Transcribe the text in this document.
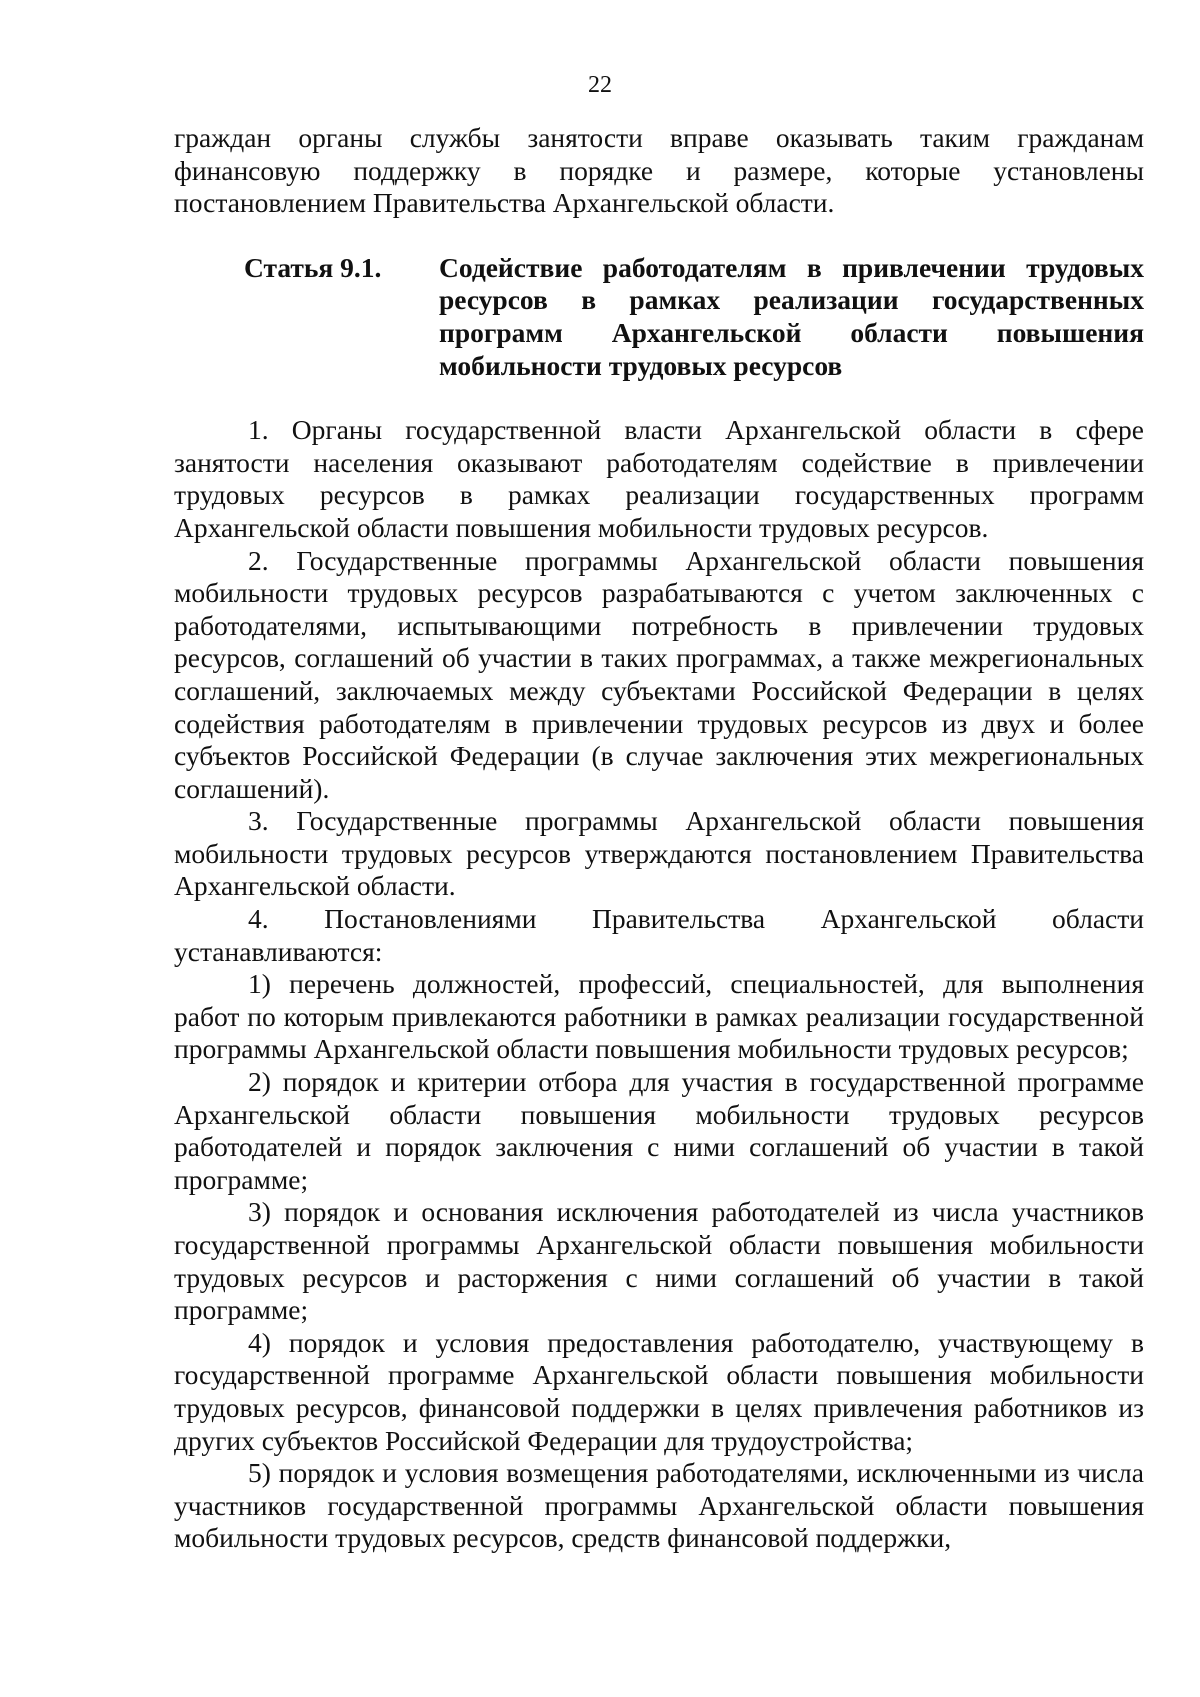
22

граждан органы службы занятости вправе оказывать таким гражданам финансовую поддержку в порядке и размере, которые установлены постановлением Правительства Архангельской области.

Статья 9.1.	Содействие работодателям в привлечении трудовых ресурсов в рамках реализации государственных программ Архангельской области повышения мобильности трудовых ресурсов

1. Органы государственной власти Архангельской области в сфере занятости населения оказывают работодателям содействие в привлечении трудовых ресурсов в рамках реализации государственных программ Архангельской области повышения мобильности трудовых ресурсов.

2. Государственные программы Архангельской области повышения мобильности трудовых ресурсов разрабатываются с учетом заключенных с работодателями, испытывающими потребность в привлечении трудовых ресурсов, соглашений об участии в таких программах, а также межрегиональных соглашений, заключаемых между субъектами Российской Федерации в целях содействия работодателям в привлечении трудовых ресурсов из двух и более субъектов Российской Федерации (в случае заключения этих межрегиональных соглашений).

3. Государственные программы Архангельской области повышения мобильности трудовых ресурсов утверждаются постановлением Правительства Архангельской области.

4. Постановлениями Правительства Архангельской области устанавливаются:

1) перечень должностей, профессий, специальностей, для выполнения работ по которым привлекаются работники в рамках реализации государственной программы Архангельской области повышения мобильности трудовых ресурсов;

2) порядок и критерии отбора для участия в государственной программе Архангельской области повышения мобильности трудовых ресурсов работодателей и порядок заключения с ними соглашений об участии в такой программе;

3) порядок и основания исключения работодателей из числа участников государственной программы Архангельской области повышения мобильности трудовых ресурсов и расторжения с ними соглашений об участии в такой программе;

4) порядок и условия предоставления работодателю, участвующему в государственной программе Архангельской области повышения мобильности трудовых ресурсов, финансовой поддержки в целях привлечения работников из других субъектов Российской Федерации для трудоустройства;

5) порядок и условия возмещения работодателями, исключенными из числа участников государственной программы Архангельской области повышения мобильности трудовых ресурсов, средств финансовой поддержки,
